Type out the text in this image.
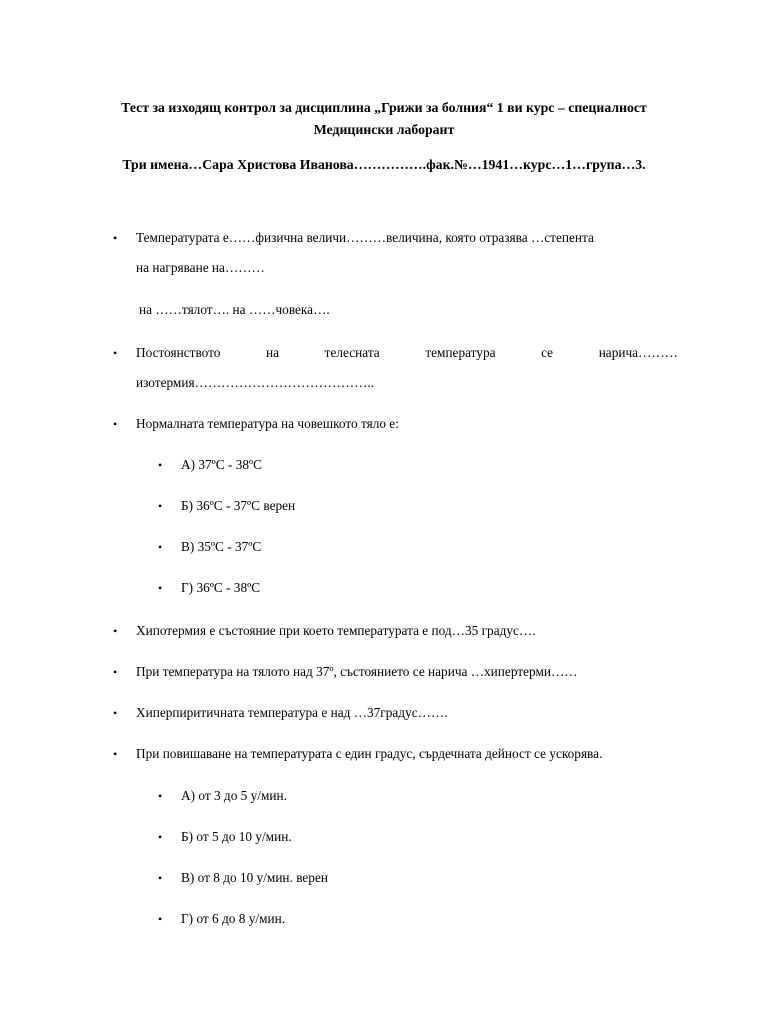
Тест за изходящ контрол за дисциплина „Грижи за болния“ 1 ви курс – специалност
Медицински лаборант
Три имена…Сара Христова Иванова…………….фак.№…1941…курс…1…група…3.
• Температурата е……физична величи………величина, която отразява …степента
на нагряване на………
на ……тялот…. на ……човека….
• Постоянството	на	телесната	температура	се	нарича………
изотермия…………………………………..
• Нормалната температура на човешкото тяло е:
• А) 37ºC - 38ºC
• Б) 36ºC - 37ºC верен
• В) 35ºC - 37ºC
• Г) 36ºC - 38ºC
• Хипотермия е състояние при което температурата е под…35 градус….
• При температура на тялото над 37º, състоянието се нарича …хипертерми……
• Хиперпиритичната температура е над …37градус…….
• При повишаване на температурата с един градус, сърдечната дейност се ускорява.
• А) от 3 до 5 у/мин.
• Б) от 5 до 10 у/мин.
• В) от 8 до 10 у/мин. верен
• Г) от 6 до 8 у/мин.
